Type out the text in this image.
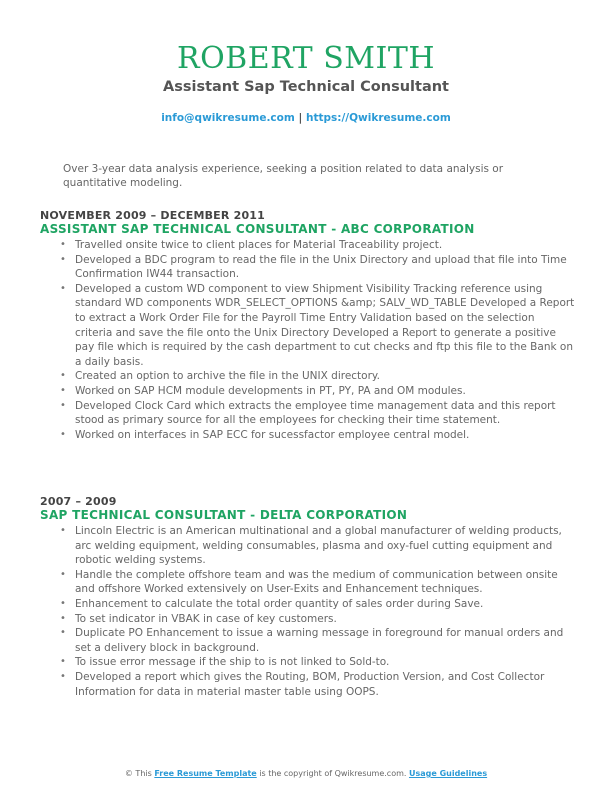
ROBERT SMITH
Assistant Sap Technical Consultant
info@qwikresume.com | https://Qwikresume.com
Over 3-year data analysis experience, seeking a position related to data analysis or quantitative modeling.
NOVEMBER 2009 – DECEMBER 2011
ASSISTANT SAP TECHNICAL CONSULTANT - ABC CORPORATION
• Travelled onsite twice to client places for Material Traceability project.
• Developed a BDC program to read the file in the Unix Directory and upload that file into Time Confirmation IW44 transaction.
• Developed a custom WD component to view Shipment Visibility Tracking reference using standard WD components WDR_SELECT_OPTIONS &amp; SALV_WD_TABLE Developed a Report to extract a Work Order File for the Payroll Time Entry Validation based on the selection criteria and save the file onto the Unix Directory Developed a Report to generate a positive pay file which is required by the cash department to cut checks and ftp this file to the Bank on a daily basis.
• Created an option to archive the file in the UNIX directory.
• Worked on SAP HCM module developments in PT, PY, PA and OM modules.
• Developed Clock Card which extracts the employee time management data and this report stood as primary source for all the employees for checking their time statement.
• Worked on interfaces in SAP ECC for sucessfactor employee central model.
2007 – 2009
SAP TECHNICAL CONSULTANT - DELTA CORPORATION
• Lincoln Electric is an American multinational and a global manufacturer of welding products, arc welding equipment, welding consumables, plasma and oxy-fuel cutting equipment and robotic welding systems.
• Handle the complete offshore team and was the medium of communication between onsite and offshore Worked extensively on User-Exits and Enhancement techniques.
• Enhancement to calculate the total order quantity of sales order during Save.
• To set indicator in VBAK in case of key customers.
• Duplicate PO Enhancement to issue a warning message in foreground for manual orders and set a delivery block in background.
• To issue error message if the ship to is not linked to Sold-to.
• Developed a report which gives the Routing, BOM, Production Version, and Cost Collector Information for data in material master table using OOPS.
© This Free Resume Template is the copyright of Qwikresume.com. Usage Guidelines
